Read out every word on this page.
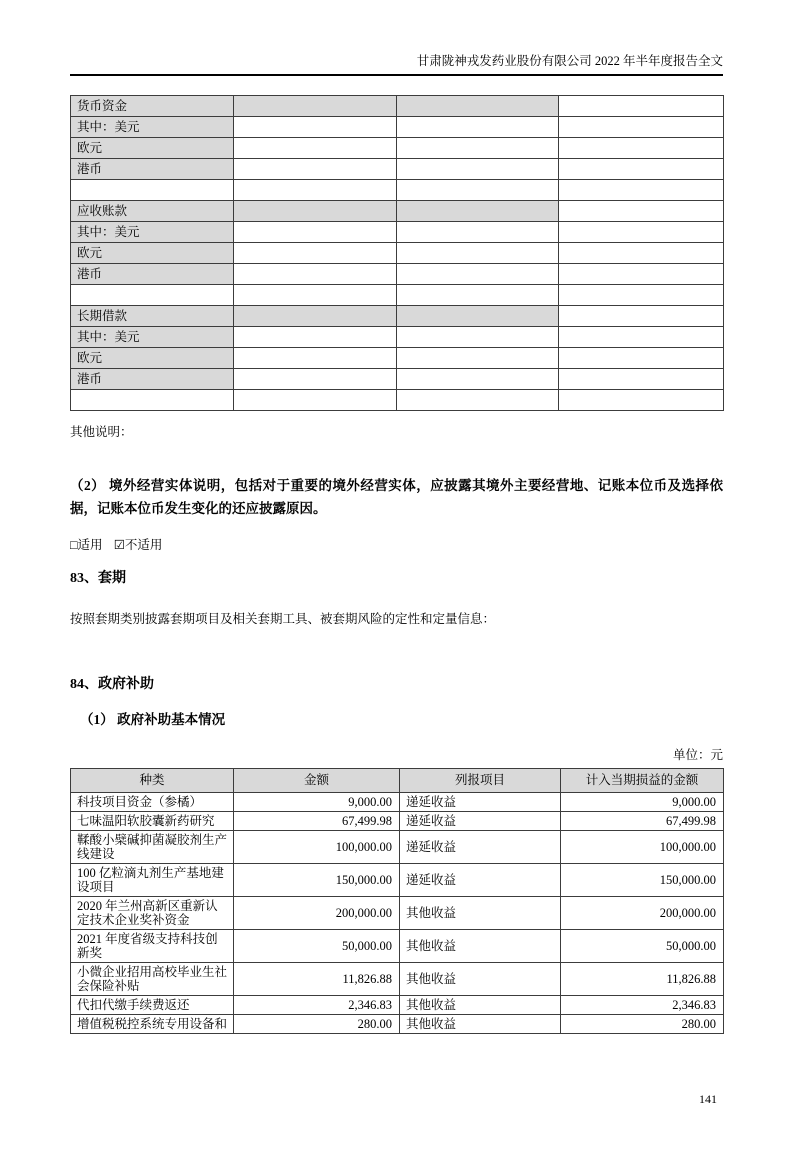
甘肃陇神戎发药业股份有限公司 2022 年半年度报告全文
货币资金			
其中：美元			
欧元			
港币			

应收账款			
其中：美元			
欧元			
港币			

长期借款			
其中：美元			
欧元			
港币			

其他说明：

（2） 境外经营实体说明，包括对于重要的境外经营实体，应披露其境外主要经营地、记账本位币及选择依据，记账本位币发生变化的还应披露原因。

□适用 ☑不适用

83、套期

按照套期类别披露套期项目及相关套期工具、被套期风险的定性和定量信息：

84、政府补助
（1） 政府补助基本情况
单位：元
种类	金额	列报项目	计入当期损益的金额
科技项目资金（参橘）	9,000.00	递延收益	9,000.00
七味温阳软胶囊新药研究	67,499.98	递延收益	67,499.98
鞣酸小檗碱抑菌凝胶剂生产线建设	100,000.00	递延收益	100,000.00
100 亿粒滴丸剂生产基地建设项目	150,000.00	递延收益	150,000.00
2020 年兰州高新区重新认定技术企业奖补资金	200,000.00	其他收益	200,000.00
2021 年度省级支持科技创新奖	50,000.00	其他收益	50,000.00
小微企业招用高校毕业生社会保险补贴	11,826.88	其他收益	11,826.88
代扣代缴手续费返还	2,346.83	其他收益	2,346.83
增值税税控系统专用设备和	280.00	其他收益	280.00
141
